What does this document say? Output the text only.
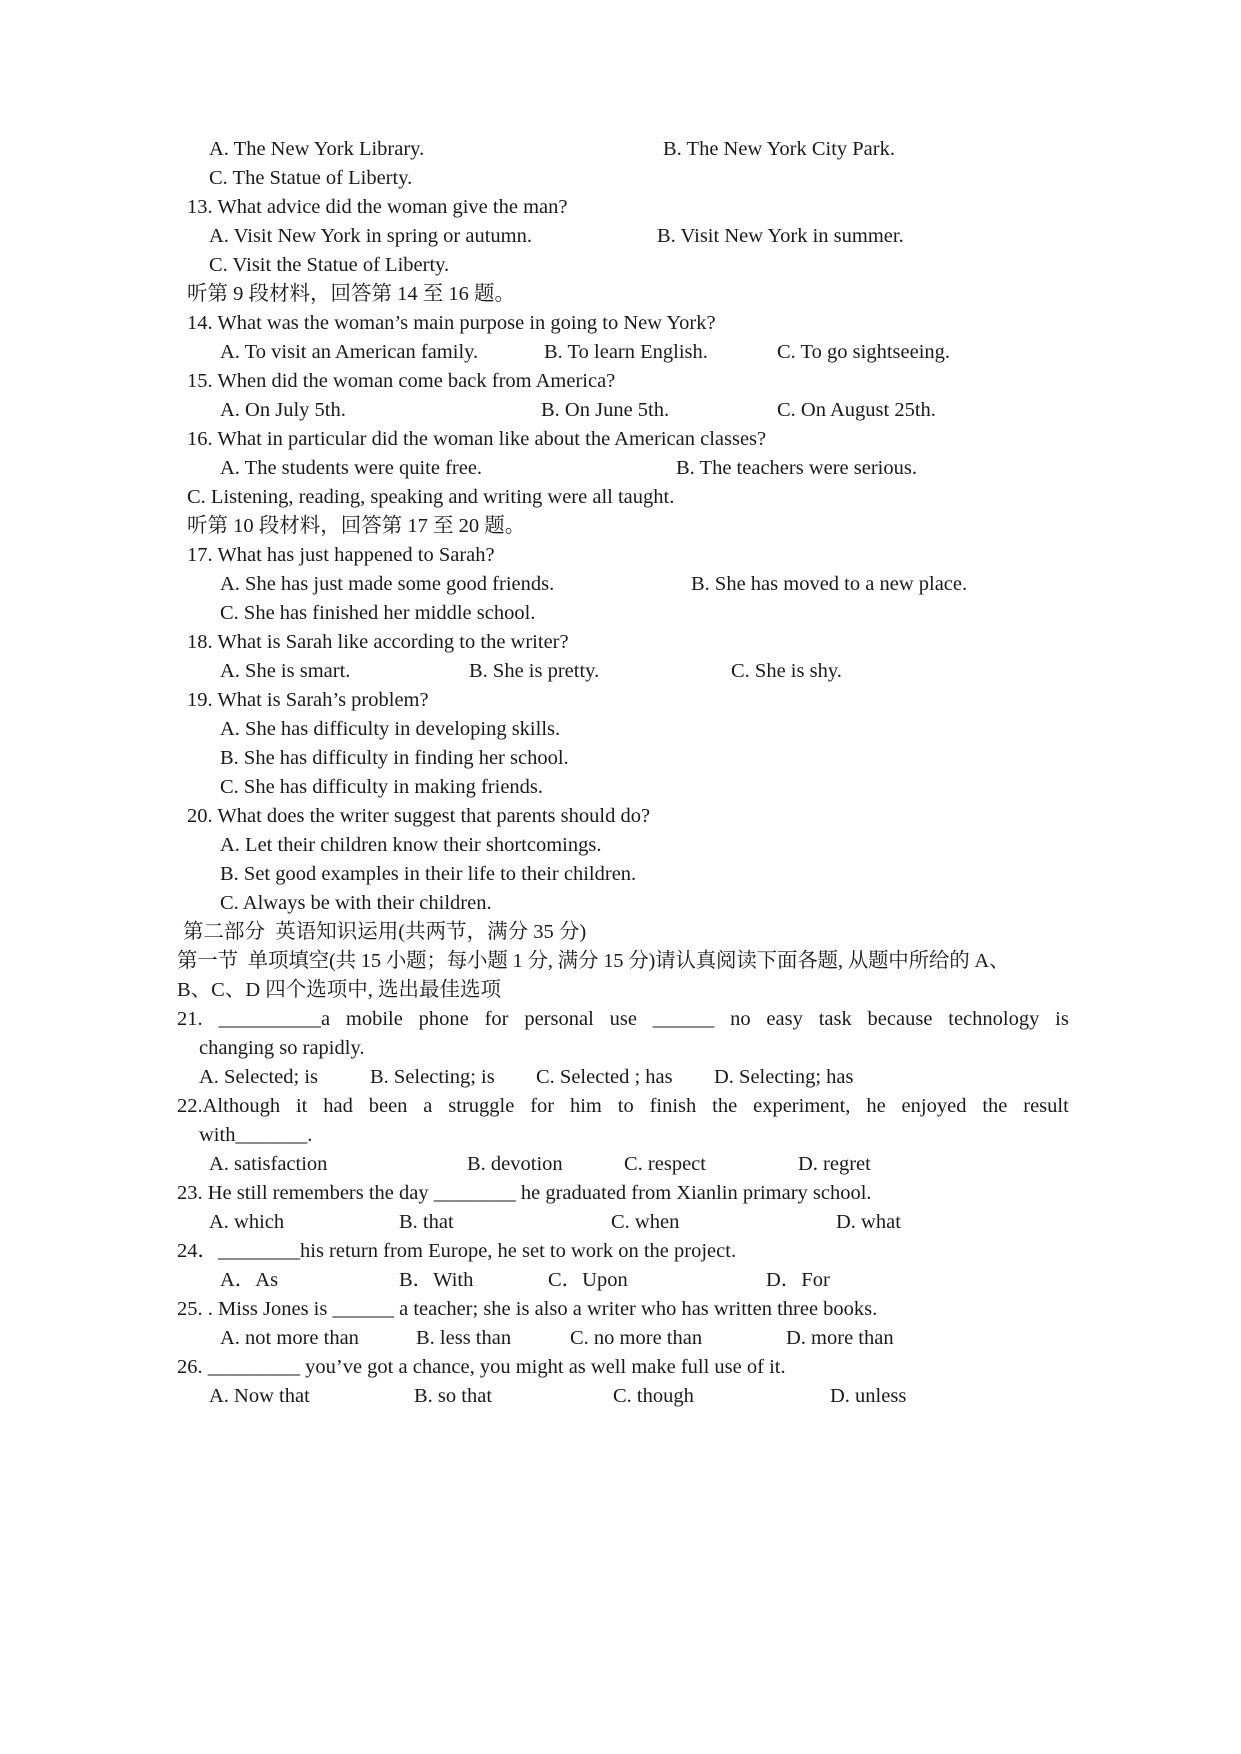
A. The New York Library.	B. The New York City Park.
C. The Statue of Liberty.
13. What advice did the woman give the man?
A. Visit New York in spring or autumn.	B. Visit New York in summer.
C. Visit the Statue of Liberty.
听第 9 段材料，回答第 14 至 16 题。
14. What was the woman’s main purpose in going to New York?
A. To visit an American family.	B. To learn English.	C. To go sightseeing.
15. When did the woman come back from America?
A. On July 5th.	B. On June 5th.	C. On August 25th.
16. What in particular did the woman like about the American classes?
A. The students were quite free.	B. The teachers were serious.
C. Listening, reading, speaking and writing were all taught.
听第 10 段材料，回答第 17 至 20 题。
17. What has just happened to Sarah?
A. She has just made some good friends.	B. She has moved to a new place.
C. She has finished her middle school.
18. What is Sarah like according to the writer?
A. She is smart.	B. She is pretty.	C. She is shy.
19. What is Sarah’s problem?
A. She has difficulty in developing skills.
B. She has difficulty in finding her school.
C. She has difficulty in making friends.
20. What does the writer suggest that parents should do?
A. Let their children know their shortcomings.
B. Set good examples in their life to their children.
C. Always be with their children.
第二部分  英语知识运用(共两节，满分 35 分)
第一节  单项填空(共 15 小题；每小题 1 分, 满分 15 分)请认真阅读下面各题, 从题中所给的 A、
B、C、D 四个选项中, 选出最佳选项
21. __________a mobile phone for personal use ______ no easy task because technology is
changing so rapidly.
A. Selected; is	B. Selecting; is C. Selected ; has D. Selecting; has
22.Although it had been a struggle for him to finish the experiment, he enjoyed the result
with_______.
A. satisfaction	B. devotion	C. respect	D. regret
23. He still remembers the day ________ he graduated from Xianlin primary school.
A. which	B. that	C. when	D. what
24．________his return from Europe, he set to work on the project.
A．As	B．With	C．Upon	D．For
25. . Miss Jones is ______ a teacher; she is also a writer who has written three books.
A. not more than	B. less than	C. no more than	D. more than
26. _________ you’ve got a chance, you might as well make full use of it.
A. Now that	B. so that	C. though	D. unless
